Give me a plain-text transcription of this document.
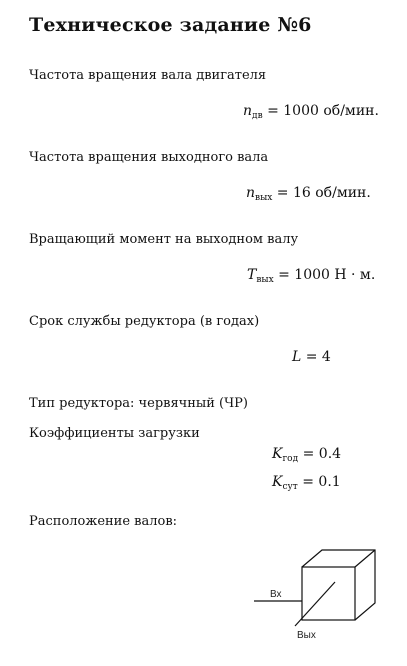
Техническое задание №6
Частота вращения вала двигателя
$n_{дв} = 1000$ об/мин.
Частота вращения выходного вала
$n_{вых} = 16$ об/мин.
Вращающий момент на выходном валу
$T_{вых} = 1000$ Н · м.
Срок службы редуктора (в годах)
L = 4
Тип редуктора: червячный (ЧР)
Коэффициенты загрузки
$K_{год} = 0.4$
$K_{сут} = 0.1$
Расположение валов:
Вх
Вых
